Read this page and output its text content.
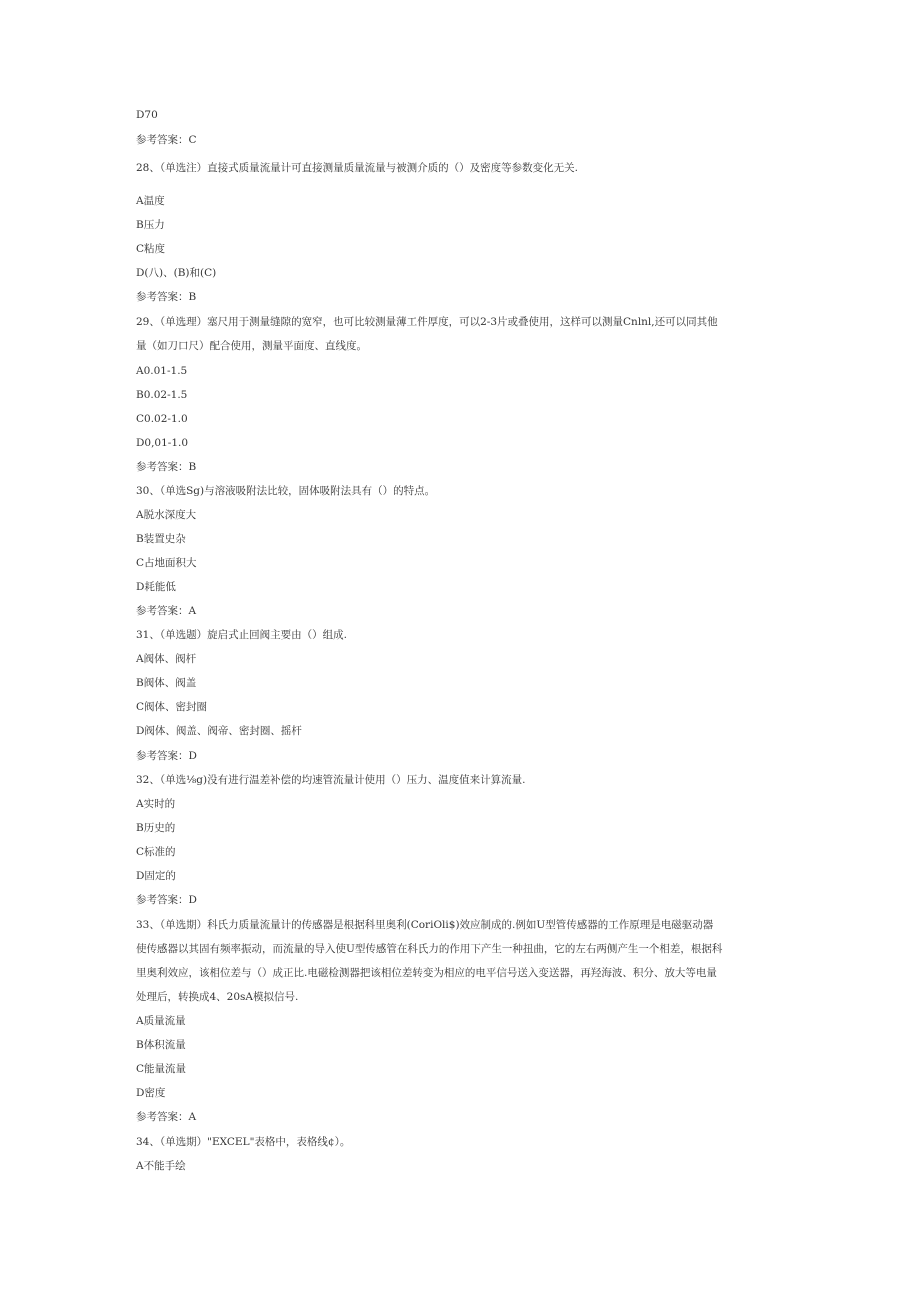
D70
参考答案：C
28、（单选注）直接式质量流量计可直接测量质量流量与被测介质的（）及密度等参数变化无关.
A温度
B压力
C粘度
D(八)、(B)和(C)
参考答案：B
29、（单选理）塞尺用于测量缝隙的宽窄，也可比较测量薄工件厚度，可以2-3片或叠使用，这样可以测量Cnlnl,还可以同其他
量（如刀口尺）配合使用，测量平面度、直线度。
A0.01-1.5
B0.02-1.5
C0.02-1.0
D0,01-1.0
参考答案：B
30、（单选Sg)与溶液吸附法比较，固体吸附法具有（）的特点。
A脱水深度大
B装置史杂
C占地面积大
D耗能低
参考答案：A
31、（单选题）旋启式止回阀主要由（）组成.
A阀体、阀杆
B阀体、阀盖
C阀体、密封圈
D阀体、阀盖、阀帝、密封圈、摇杆
参考答案：D
32、（单选⅛g)没有进行温差补偿的均速管流量计使用（）压力、温度值来计算流量.
A实时的
B历史的
C标准的
D固定的
参考答案：D
33、（单选期）科氏力质量流量计的传感器是根据科里奥利(CoriOli$)效应制成的.例如U型管传感器的工作原理是电磁驱动器
使传感器以其固有频率振动，而流量的导入使U型传感管在科氏力的作用下产生一种扭曲，它的左右两侧产生一个相差，根据科
里奥利效应，该相位差与（）成正比.电磁检测器把该相位差转变为相应的电平信号送入变送器，再羟海波、积分、放大等电量
处理后，转换成4、20sA模拟信号.
A质量流量
B体积流量
C能量流量
D密度
参考答案：A
34、（单选期）"EXCEL"表格中，表格线¢）。
A不能手绘
